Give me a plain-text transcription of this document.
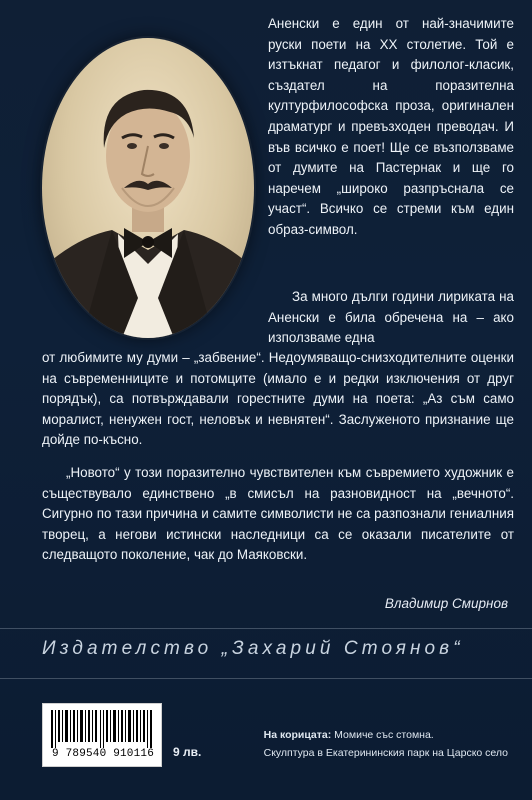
Аненски е един от най-значимите руски поети на XX столетие. Той е изтъкнат педагог и филолог-класик, създател на поразителна културфилософска проза, оригинален драматург и превъзходен преводач. И във всичко е поет! Ще се възползваме от думите на Пастернак и ще го наречем „широко разпръснала се участ“. Всичко се стреми към един образ-символ.
За много дълги години лириката на Аненски е била обречена на – ако използваме една
от любимите му думи – „забвение“. Недоумяващо-снизходителните оценки на съвременниците и потомците (имало е и редки изключения от друг порядък), са потвърждавали горестните думи на поета: „Аз съм само моралист, ненужен гост, неловък и невнятен“. Заслуженото признание ще дойде по-късно.
„Новото“ у този поразително чувствителен към съвремието художник е съществувало единствено „в смисъл на разновидност на „вечното“. Сигурно по тази причина и самите символисти не са разпознали гениалния творец, а негови истински наследници са се оказали писателите от следващото поколение, чак до Маяковски.
Владимир Смирнов
Издателство „Захарий Стоянов“
9 789540 910116	9 лв.
На корицата: Момиче със стомна.
Скулптура в Екатерининския парк на Царско село
